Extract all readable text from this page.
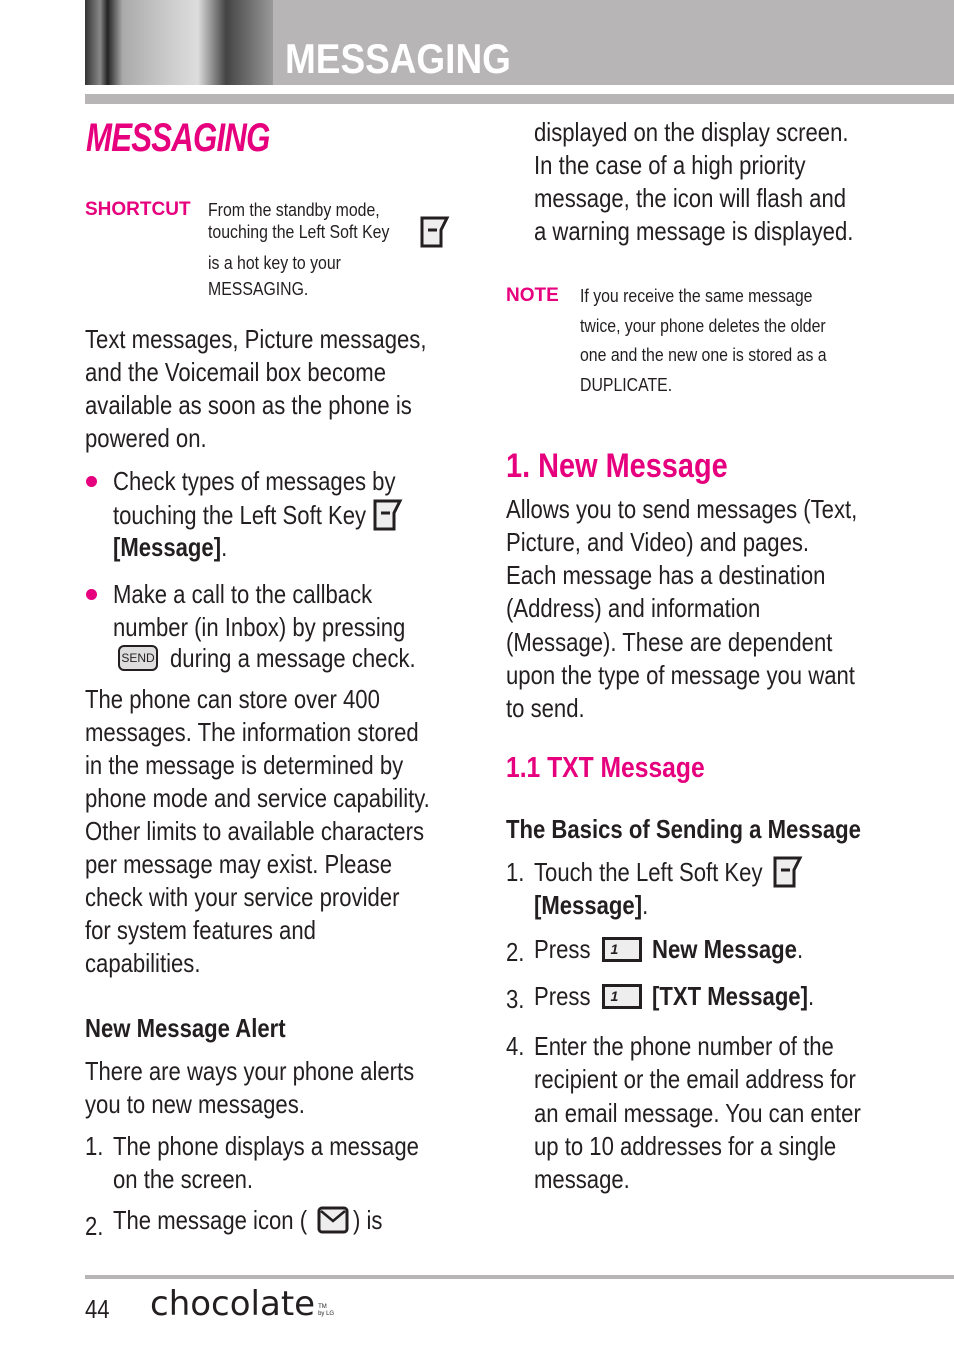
MESSAGING
MESSAGING
SHORTCUT From the standby mode,
touching the Left Soft Key
is a hot key to your
MESSAGING.
Text messages, Picture messages,
and the Voicemail box become
available as soon as the phone is
powered on.
Check types of messages by
touching the Left Soft Key
[Message].
Make a call to the callback
number (in Inbox) by pressing
SEND during a message check.
The phone can store over 400
messages. The information stored
in the message is determined by
phone mode and service capability.
Other limits to available characters
per message may exist. Please
check with your service provider
for system features and
capabilities.
New Message Alert
There are ways your phone alerts
you to new messages.
1. The phone displays a message
on the screen.
2. The message icon ( ) is
displayed on the display screen.
In the case of a high priority
message, the icon will flash and
a warning message is displayed.
NOTE If you receive the same message
twice, your phone deletes the older
one and the new one is stored as a
DUPLICATE.
1. New Message
Allows you to send messages (Text,
Picture, and Video) and pages.
Each message has a destination
(Address) and information
(Message). These are dependent
upon the type of message you want
to send.
1.1 TXT Message
The Basics of Sending a Message
1. Touch the Left Soft Key
[Message].
2. Press	1	New Message.
3. Press	1	[TXT Message].
4. Enter the phone number of the
recipient or the email address for
an email message. You can enter
up to 10 addresses for a single
message.
44 chocolate TM
by LG
